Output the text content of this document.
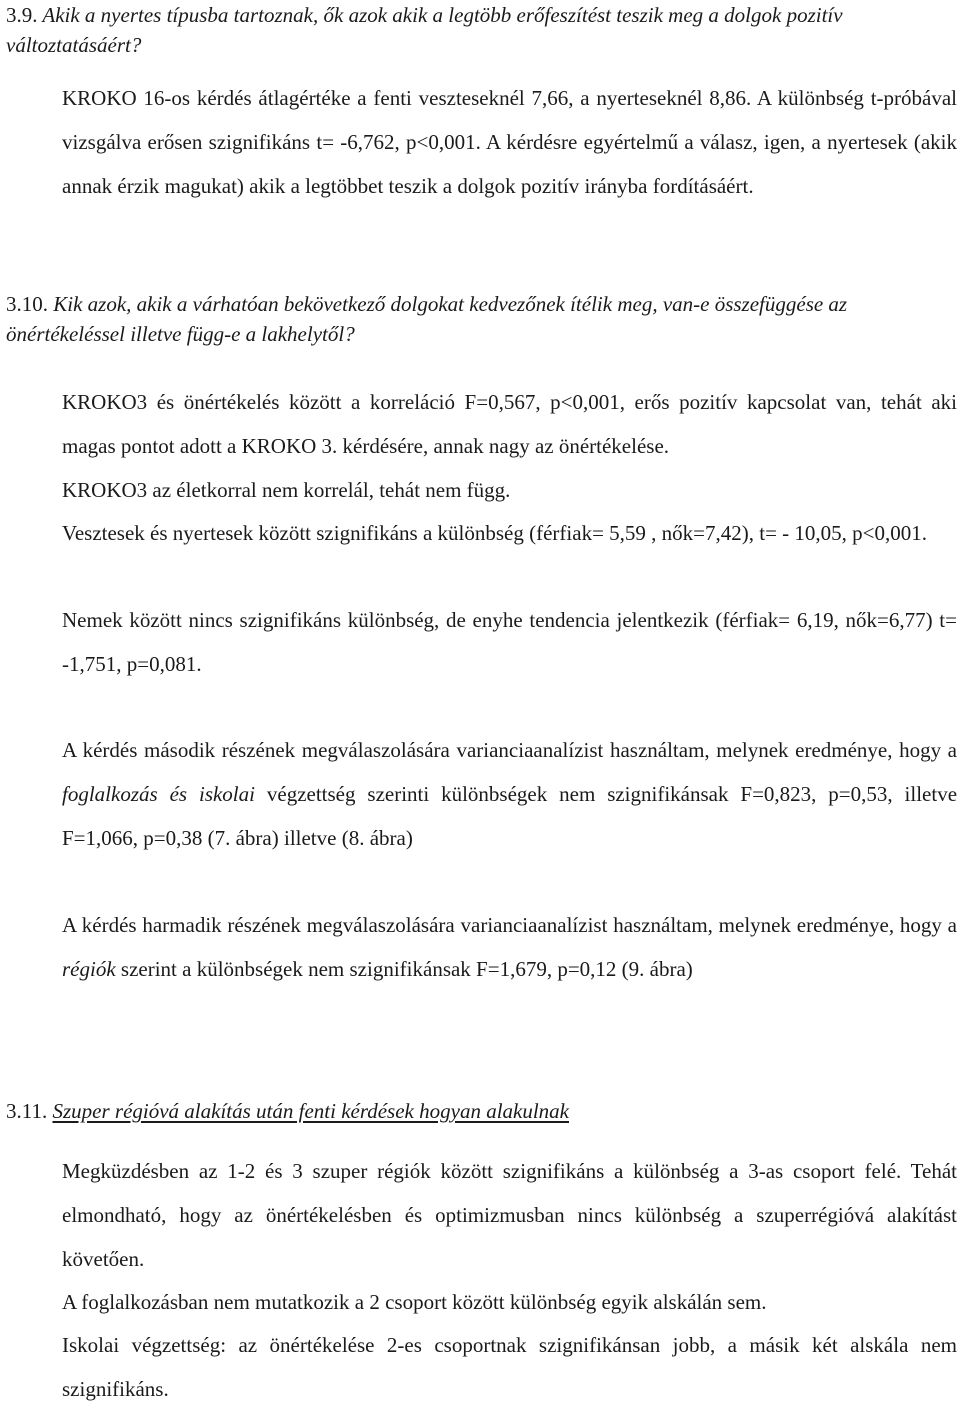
3.9. Akik a nyertes típusba tartoznak, ők azok akik a legtöbb erőfeszítést teszik meg a dolgok pozitív változtatásáért?

KROKO 16-os kérdés átlagértéke a fenti veszteseknél 7,66, a nyerteseknél 8,86. A különbség t-próbával vizsgálva erősen szignifikáns t= -6,762, p<0,001. A kérdésre egyértelmű a válasz, igen, a nyertesek (akik annak érzik magukat) akik a legtöbbet teszik a dolgok pozitív irányba fordításáért.

3.10. Kik azok, akik a várhatóan bekövetkező dolgokat kedvezőnek ítélik meg, van-e összefüggése az önértékeléssel illetve függ-e a lakhelytől?

KROKO3 és önértékelés között a korreláció F=0,567, p<0,001, erős pozitív kapcsolat van, tehát aki magas pontot adott a KROKO 3. kérdésére, annak nagy az önértékelése.

KROKO3 az életkorral nem korrelál, tehát nem függ.

Vesztesek és nyertesek között szignifikáns a különbség (férfiak= 5,59 , nők=7,42), t= - 10,05, p<0,001.

Nemek között nincs szignifikáns különbség, de enyhe tendencia jelentkezik (férfiak= 6,19, nők=6,77) t= -1,751, p=0,081.

A kérdés második részének megválaszolására varianciaanalízist használtam, melynek eredménye, hogy a foglalkozás és iskolai végzettség szerinti különbségek nem szignifikánsak F=0,823, p=0,53, illetve F=1,066, p=0,38 (7. ábra) illetve (8. ábra)

A kérdés harmadik részének megválaszolására varianciaanalízist használtam, melynek eredménye, hogy a régiók szerint a különbségek nem szignifikánsak F=1,679, p=0,12 (9. ábra)

3.11. Szuper régióvá alakítás után fenti kérdések hogyan alakulnak

Megküzdésben az 1-2 és 3 szuper régiók között szignifikáns a különbség a 3-as csoport felé. Tehát elmondható, hogy az önértékelésben és optimizmusban nincs különbség a szuperrégióvá alakítást követően.

A foglalkozásban nem mutatkozik a 2 csoport között különbség egyik alskálán sem.

Iskolai végzettség: az önértékelése 2-es csoportnak szignifikánsan jobb, a másik két alskála nem szignifikáns.
